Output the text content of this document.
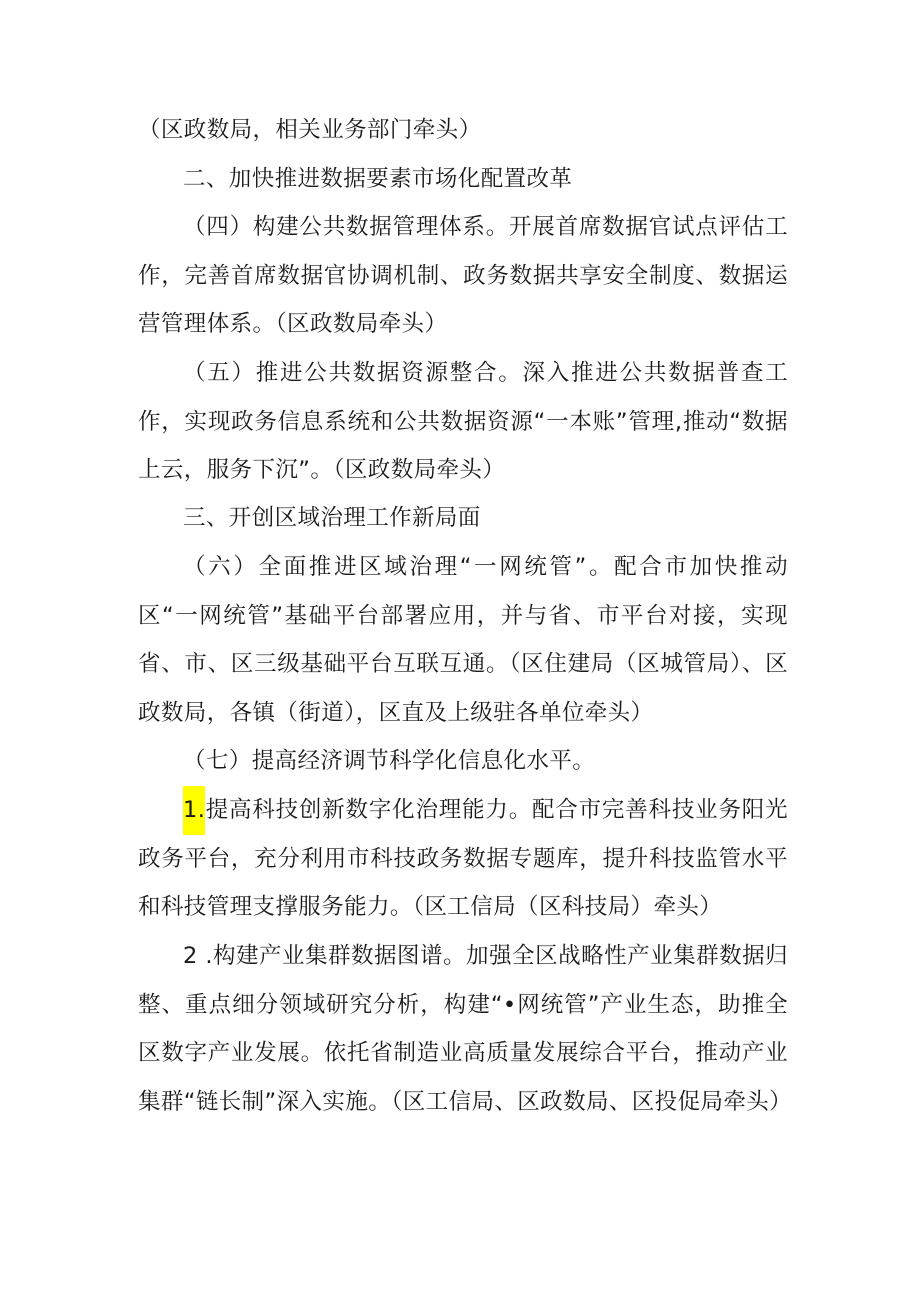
（区政数局，相关业务部门牵头）

二、加快推进数据要素市场化配置改革

（四）构建公共数据管理体系。开展首席数据官试点评估工作，完善首席数据官协调机制、政务数据共享安全制度、数据运营管理体系。（区政数局牵头）

（五）推进公共数据资源整合。深入推进公共数据普查工作，实现政务信息系统和公共数据资源“一本账”管理,推动“数据上云，服务下沉”。（区政数局牵头）

三、开创区域治理工作新局面

（六）全面推进区域治理“一网统管”。配合市加快推动区“一网统管”基础平台部署应用，并与省、市平台对接，实现省、市、区三级基础平台互联互通。（区住建局（区城管局）、区政数局，各镇（街道），区直及上级驻各单位牵头）

（七）提高经济调节科学化信息化水平。

1.提高科技创新数字化治理能力。配合市完善科技业务阳光政务平台，充分利用市科技政务数据专题库，提升科技监管水平和科技管理支撑服务能力。（区工信局（区科技局）牵头）

2 .构建产业集群数据图谱。加强全区战略性产业集群数据归整、重点细分领域研究分析，构建“•网统管”产业生态，助推全区数字产业发展。依托省制造业高质量发展综合平台，推动产业集群“链长制”深入实施。（区工信局、区政数局、区投促局牵头）
